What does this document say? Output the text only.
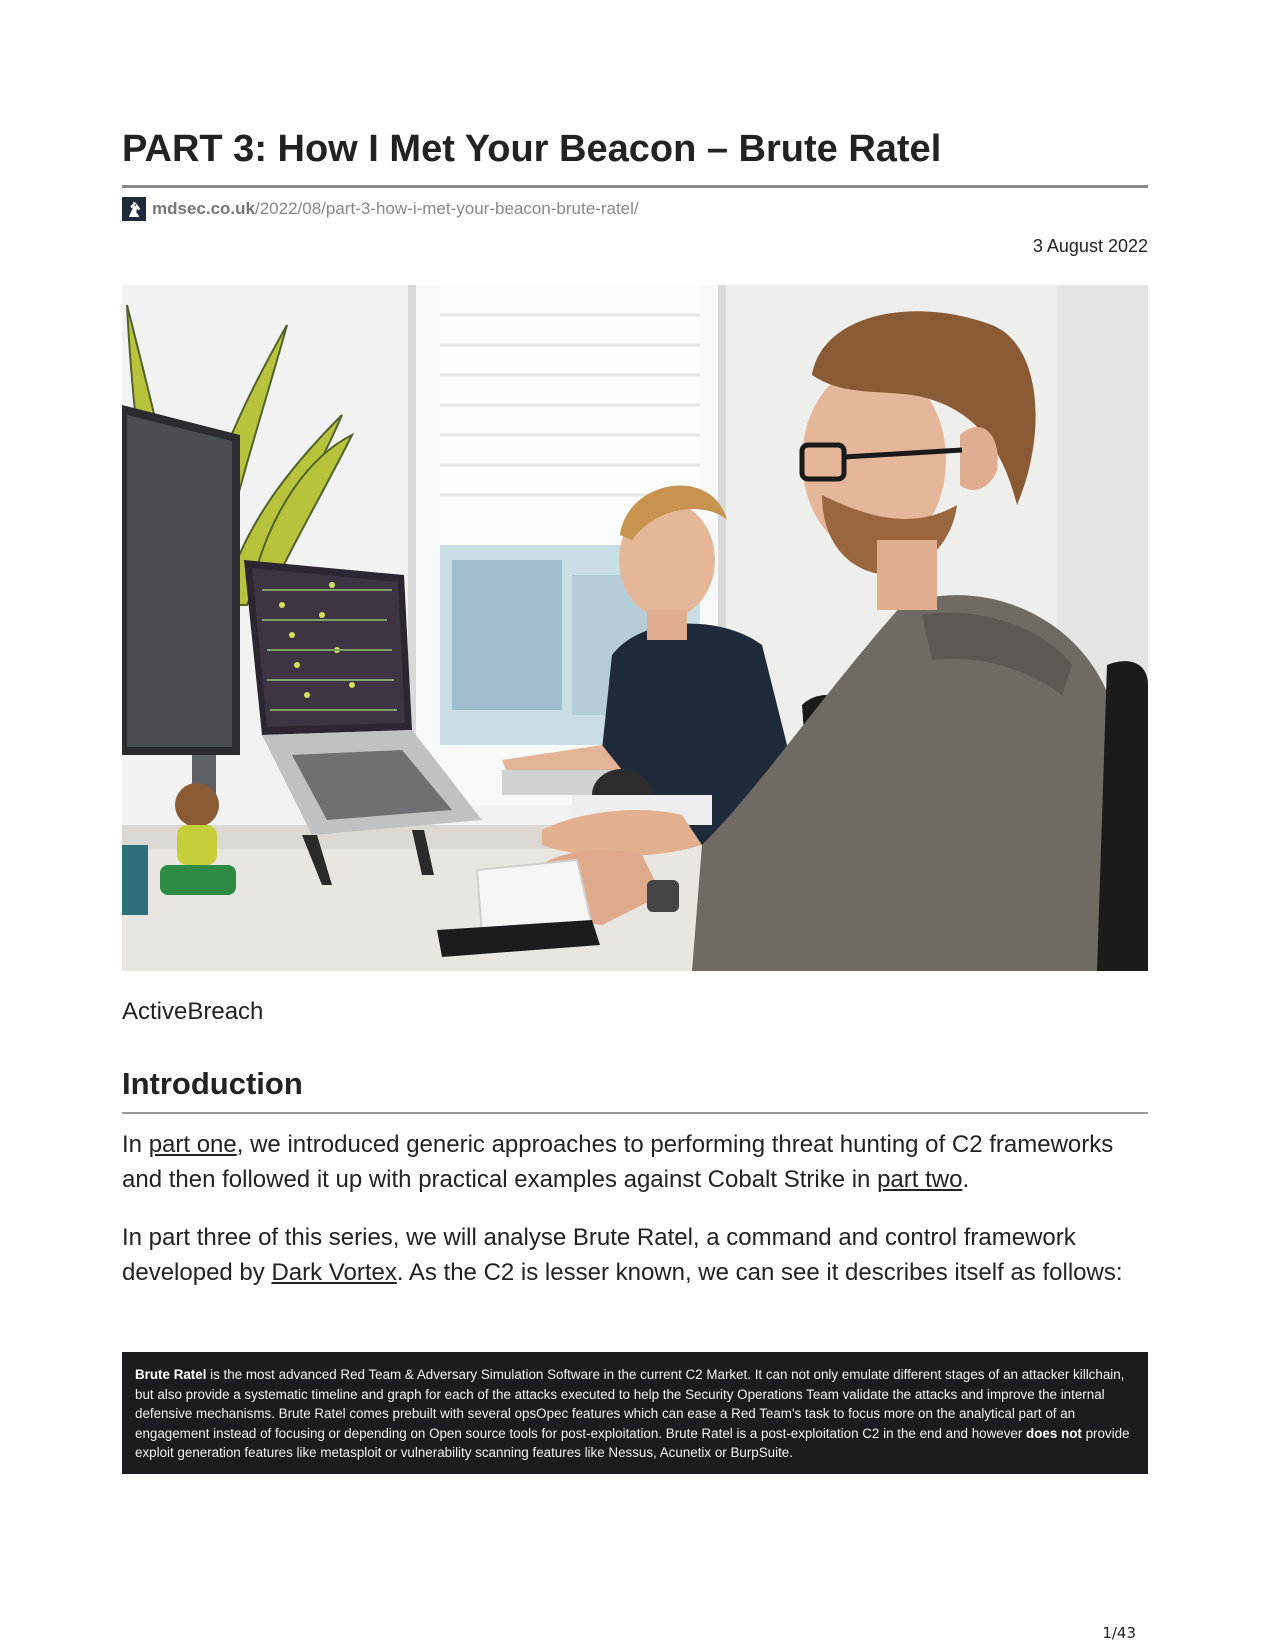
PART 3: How I Met Your Beacon – Brute Ratel
mdsec.co.uk /2022/08/part-3-how-i-met-your-beacon-brute-ratel/
3 August 2022
ActiveBreach
Introduction

In part one, we introduced generic approaches to performing threat hunting of C2 frameworks and then followed it up with practical examples against Cobalt Strike in part two.

In part three of this series, we will analyse Brute Ratel, a command and control framework developed by Dark Vortex. As the C2 is lesser known, we can see it describes itself as follows:

Brute Ratel is the most advanced Red Team & Adversary Simulation Software in the current C2 Market. It can not only emulate different stages of an attacker killchain, but also provide a systematic timeline and graph for each of the attacks executed to help the Security Operations Team validate the attacks and improve the internal defensive mechanisms. Brute Ratel comes prebuilt with several opsOpec features which can ease a Red Team's task to focus more on the analytical part of an engagement instead of focusing or depending on Open source tools for post-exploitation. Brute Ratel is a post-exploitation C2 in the end and however does not provide exploit generation features like metasploit or vulnerability scanning features like Nessus, Acunetix or BurpSuite.
1/43
